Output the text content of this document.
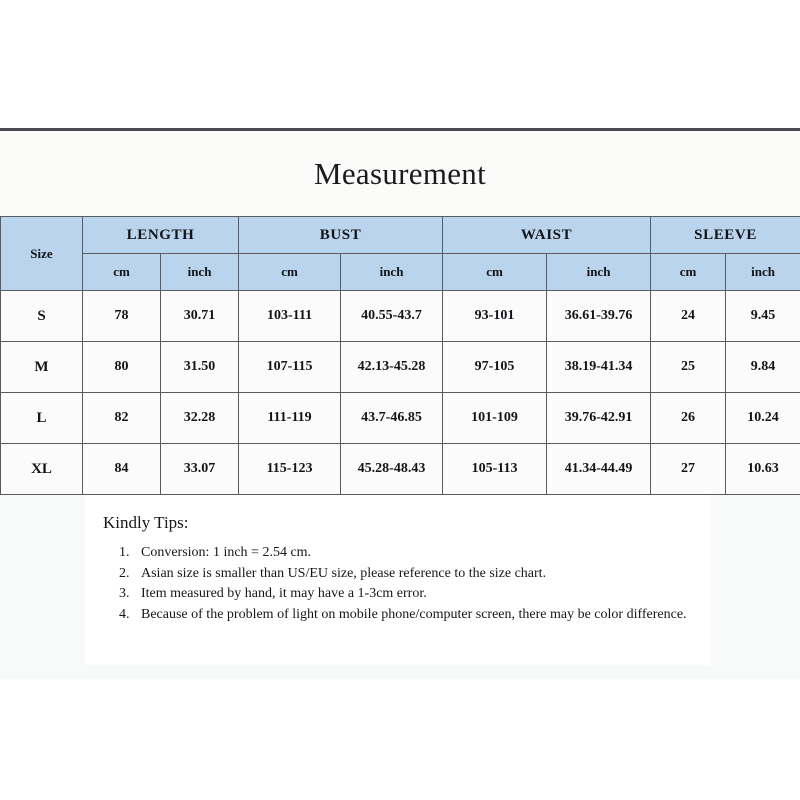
Measurement
Size	LENGTH		BUST		WAIST		SLEEVE	
	cm	inch	cm	inch	cm	inch	cm	inch
S	78	30.71	103-111	40.55-43.7	93-101	36.61-39.76	24	9.45
M	80	31.50	107-115	42.13-45.28	97-105	38.19-41.34	25	9.84
L	82	32.28	111-119	43.7-46.85	101-109	39.76-42.91	26	10.24
XL	84	33.07	115-123	45.28-48.43	105-113	41.34-44.49	27	10.63
Kindly Tips:
1. Conversion: 1 inch = 2.54 cm.
2. Asian size is smaller than US/EU size, please reference to the size chart.
3. Item measured by hand, it may have a 1-3cm error.
4. Because of the problem of light on mobile phone/computer screen, there may be color difference.
